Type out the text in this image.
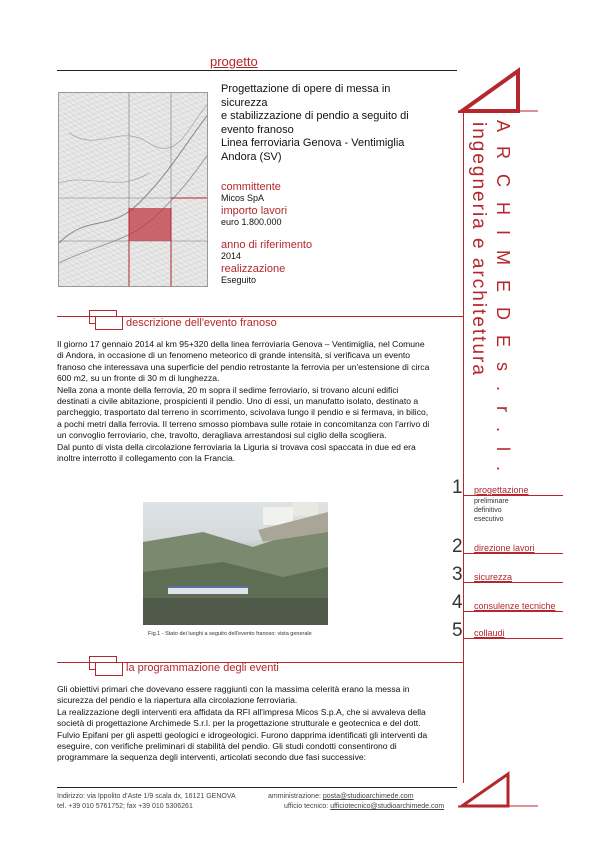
progetto
Progettazione di opere di messa in
sicurezza
e stabilizzazione di pendio a seguito di
evento franoso
Linea ferroviaria Genova - Ventimiglia
Andora (SV)
committente
Micos SpA
importo lavori
euro 1.800.000
anno di riferimento
2014
realizzazione
Eseguito	A R C H I M E D E s . r . l .
ingegneria e architettura
descrizione dell'evento franoso

Il giorno 17 gennaio 2014 al km 95+320 della linea ferroviaria Genova – Ventimiglia, nel Comune di Andora, in occasione di un fenomeno meteorico di grande intensità, si verificava un evento franoso che interessava una superficie del pendio retrostante la ferrovia per un'estensione di circa 600 m2, su un fronte di 30 m di lunghezza.

Nella zona a monte della ferrovia, 20 m sopra il sedime ferroviario, si trovano alcuni edifici destinati a civile abitazione, prospicienti il pendio. Uno di essi, un manufatto isolato, destinato a parcheggio, trasportato dal terreno in scorrimento, scivolava lungo il pendio e si fermava, in bilico, a pochi metri dalla ferrovia. Il terreno smosso piombava sulle rotaie in concomitanza con l'arrivo di un convoglio ferroviario, che, travolto, deragliava arrestandosi sul ciglio della scogliera.

Dal punto di vista della circolazione ferroviaria la Liguria si trovava così spaccata in due ed era inoltre interrotto il collegamento con la Francia.

Fig.1 - Stato dei luoghi a seguito dell'evento franoso: vista generale
la programmazione degli eventi

Gli obiettivi primari che dovevano essere raggiunti con la massima celerità erano la messa in sicurezza del pendio e la riapertura alla circolazione ferroviaria.

La realizzazione degli interventi era affidata da RFI all'impresa Micos S.p.A, che si avvaleva della società di progettazione Archimede S.r.l. per la progettazione strutturale e geotecnica e del dott. Fulvio Epifani per gli aspetti geologici e idrogeologici. Furono dapprima identificati gli interventi da eseguire, con verifiche preliminari di stabilità del pendio. Gli studi condotti consentirono di programmare la sequenza degli interventi, articolati secondo due fasi successive:

1 progettazione
preliminare
definitivo
esecutivo
2 direzione lavori
3 sicurezza
4 consulenze tecniche
5 collaudi
Indirizzo: via Ippolito d'Aste 1/9 scala dx, 16121 GENOVA
tel. +39 010 5761752; fax +39 010 5306261
amministrazione: posta@studioarchimede.com
ufficio tecnico: ufficiotecnico@studioarchimede.com
